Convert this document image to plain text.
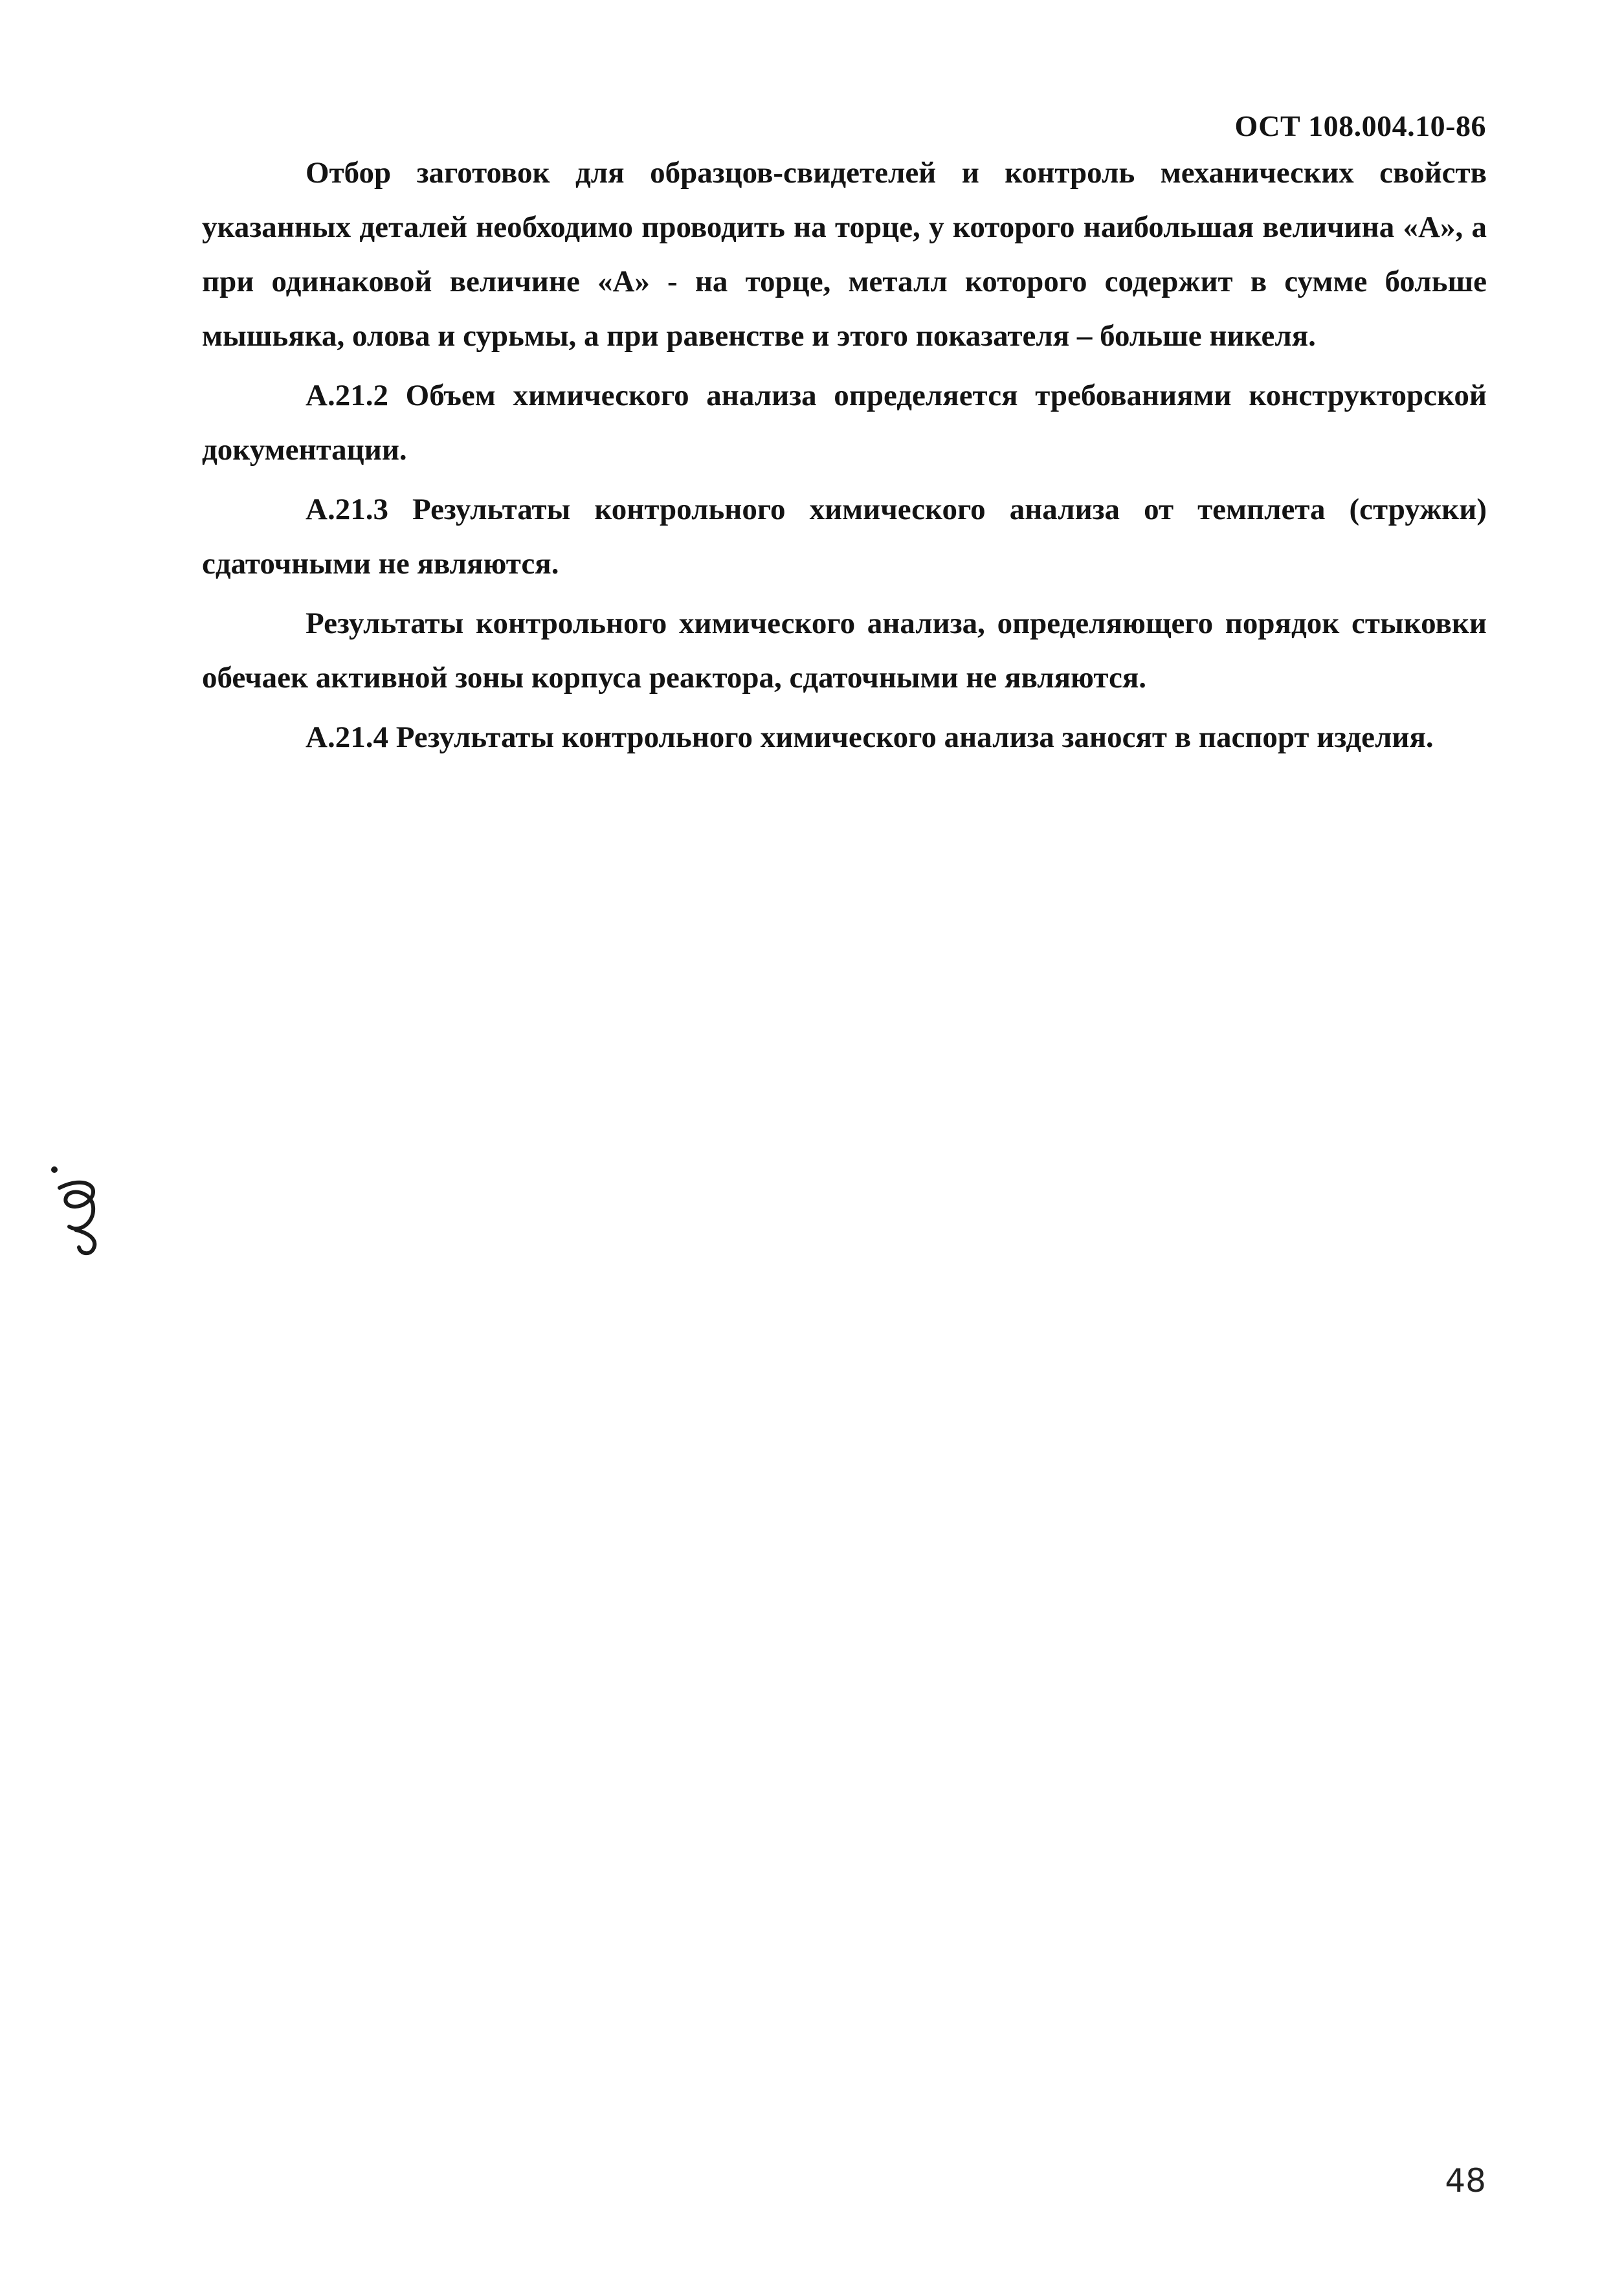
ОСТ 108.004.10-86

Отбор заготовок для образцов-свидетелей и контроль механических свойств указанных деталей необходимо проводить на торце, у которого наибольшая величина «А», а при одинаковой величине «А» - на торце, металл которого содержит в сумме больше мышьяка, олова и сурьмы, а при равенстве и этого показателя – больше никеля.

А.21.2 Объем химического анализа определяется требованиями конструкторской документации.

А.21.3 Результаты контрольного химического анализа от темплета (стружки) сдаточными не являются.

Результаты контрольного химического анализа, определяющего порядок стыковки обечаек активной зоны корпуса реактора, сдаточными не являются.

А.21.4 Результаты контрольного химического анализа заносят в паспорт изделия.

48
